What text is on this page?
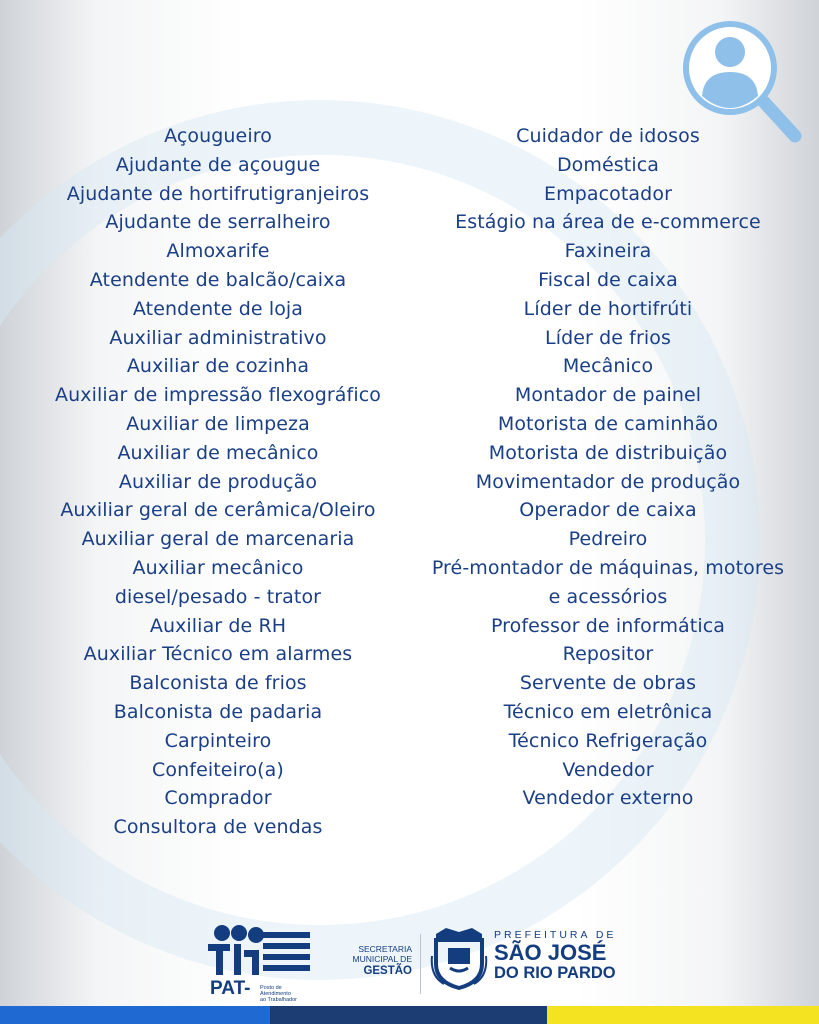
Açougueiro
Ajudante de açougue
Ajudante de hortifrutigranjeiros
Ajudante de serralheiro
Almoxarife
Atendente de balcão/caixa
Atendente de loja
Auxiliar administrativo
Auxiliar de cozinha
Auxiliar de impressão flexográfico
Auxiliar de limpeza
Auxiliar de mecânico
Auxiliar de produção
Auxiliar geral de cerâmica/Oleiro
Auxiliar geral de marcenaria
Auxiliar mecânico
diesel/pesado - trator
Auxiliar de RH
Auxiliar Técnico em alarmes
Balconista de frios
Balconista de padaria
Carpinteiro
Confeiteiro(a)
Comprador
Consultora de vendas
Cuidador de idosos
Doméstica
Empacotador
Estágio na área de e-commerce
Faxineira
Fiscal de caixa
Líder de hortifrúti
Líder de frios
Mecânico
Montador de painel
Motorista de caminhão
Motorista de distribuição
Movimentador de produção
Operador de caixa
Pedreiro
Pré-montador de máquinas, motores
e acessórios
Professor de informática
Repositor
Servente de obras
Técnico em eletrônica
Técnico Refrigeração
Vendedor
Vendedor externo
PAT- Posto de Atendimento
ao Trabalhador
SECRETARIA
MUNICIPAL DE
GESTÃO
PREFEITURA DE
SÃO JOSÉ
DO RIO PARDO
